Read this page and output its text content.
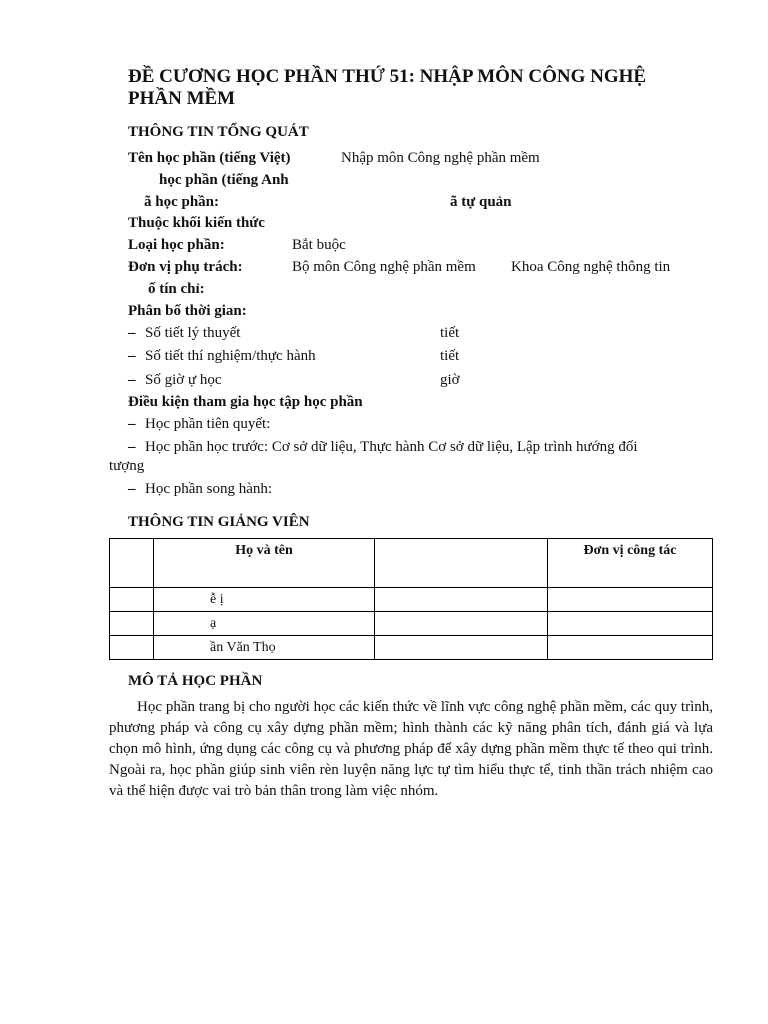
ĐỀ CƯƠNG HỌC PHẦN THỨ 51: NHẬP MÔN CÔNG NGHỆ
PHẦN MỀM
THÔNG TIN TỔNG QUÁT
Tên học phần (tiếng Việt)	Nhập môn Công nghệ phần mềm
học phần (tiếng Anh
ã học phần:	ã tự quản
Thuộc khối kiến thức
Loại học phần:	Bắt buộc
Đơn vị phụ trách:	Bộ môn Công nghệ phần mềm Khoa Công nghệ thông tin
ố tín chỉ:
Phân bố thời gian:
– Số tiết lý thuyết	tiết
– Số tiết thí nghiệm/thực hành	tiết
– Số giờ ự học	giờ
Điều kiện tham gia học tập học phần
– Học phần tiên quyết:
– Học phần học trước: Cơ sở dữ liệu, Thực hành Cơ sở dữ liệu, Lập trình hướng đối
tượng
– Học phần song hành:
THÔNG TIN GIẢNG VIÊN
	Họ và tên		Đơn vị công tác
	ễ ị		
	ạ		
	ần Văn Thọ		
MÔ TẢ HỌC PHẦN
Học phần trang bị cho người học các kiến thức về lĩnh vực công nghệ phần mềm, các quy trình, phương pháp và công cụ xây dựng phần mềm; hình thành các kỹ năng phân tích, đánh giá và lựa chọn mô hình, ứng dụng các công cụ và phương pháp để xây dựng phần mềm thực tế theo qui trình. Ngoài ra, học phần giúp sinh viên rèn luyện năng lực tự tìm hiểu thực tế, tinh thần trách nhiệm cao và thể hiện được vai trò bản thân trong làm việc nhóm.
